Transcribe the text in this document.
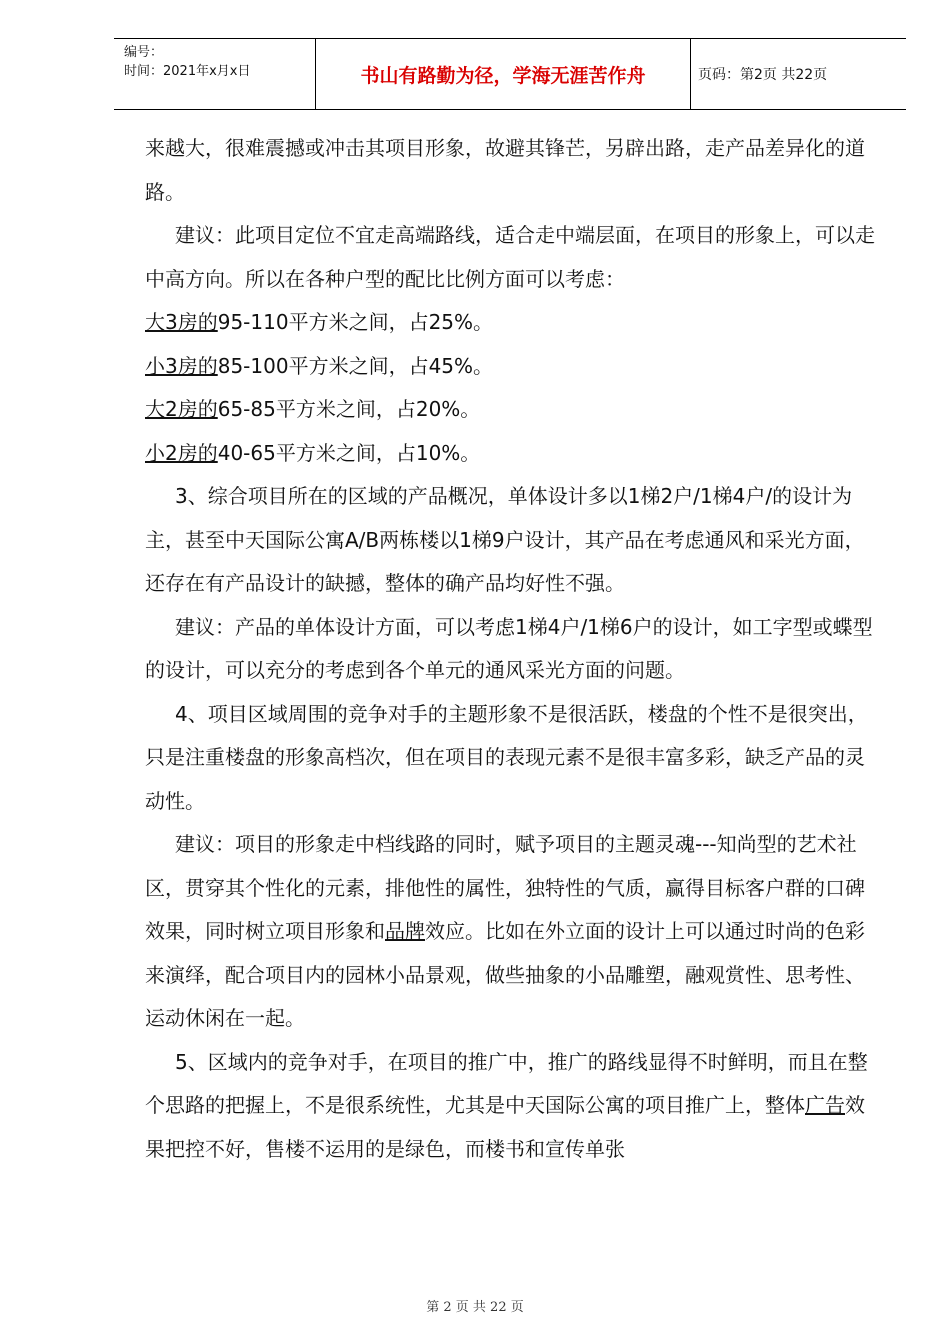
编号：
时间：2021年x月x日	书山有路勤为径，学海无涯苦作舟	页码：第2页 共22页

来越大，很难震撼或冲击其项目形象，故避其锋芒，另辟出路，走产品差异化的道路。

建议：此项目定位不宜走高端路线，适合走中端层面，在项目的形象上，可以走中高方向。所以在各种户型的配比比例方面可以考虑：

大3房的95-110平方米之间，占25%。

小3房的85-100平方米之间，占45%。

大2房的65-85平方米之间，占20%。

小2房的40-65平方米之间，占10%。

3、综合项目所在的区域的产品概况，单体设计多以1梯2户/1梯4户/的设计为主，甚至中天国际公寓A/B两栋楼以1梯9户设计，其产品在考虑通风和采光方面，还存在有产品设计的缺撼，整体的确产品均好性不强。

建议：产品的单体设计方面，可以考虑1梯4户/1梯6户的设计，如工字型或蝶型的设计，可以充分的考虑到各个单元的通风采光方面的问题。

4、项目区域周围的竞争对手的主题形象不是很活跃，楼盘的个性不是很突出，只是注重楼盘的形象高档次，但在项目的表现元素不是很丰富多彩，缺乏产品的灵动性。

建议：项目的形象走中档线路的同时，赋予项目的主题灵魂---知尚型的艺术社区，贯穿其个性化的元素，排他性的属性，独特性的气质，赢得目标客户群的口碑效果，同时树立项目形象和品牌效应。比如在外立面的设计上可以通过时尚的色彩来演绎，配合项目内的园林小品景观，做些抽象的小品雕塑，融观赏性、思考性、运动休闲在一起。

5、区域内的竞争对手，在项目的推广中，推广的路线显得不时鲜明，而且在整个思路的把握上，不是很系统性，尤其是中天国际公寓的项目推广上，整体广告效果把控不好，售楼不运用的是绿色，而楼书和宣传单张

第 2 页 共 22 页
